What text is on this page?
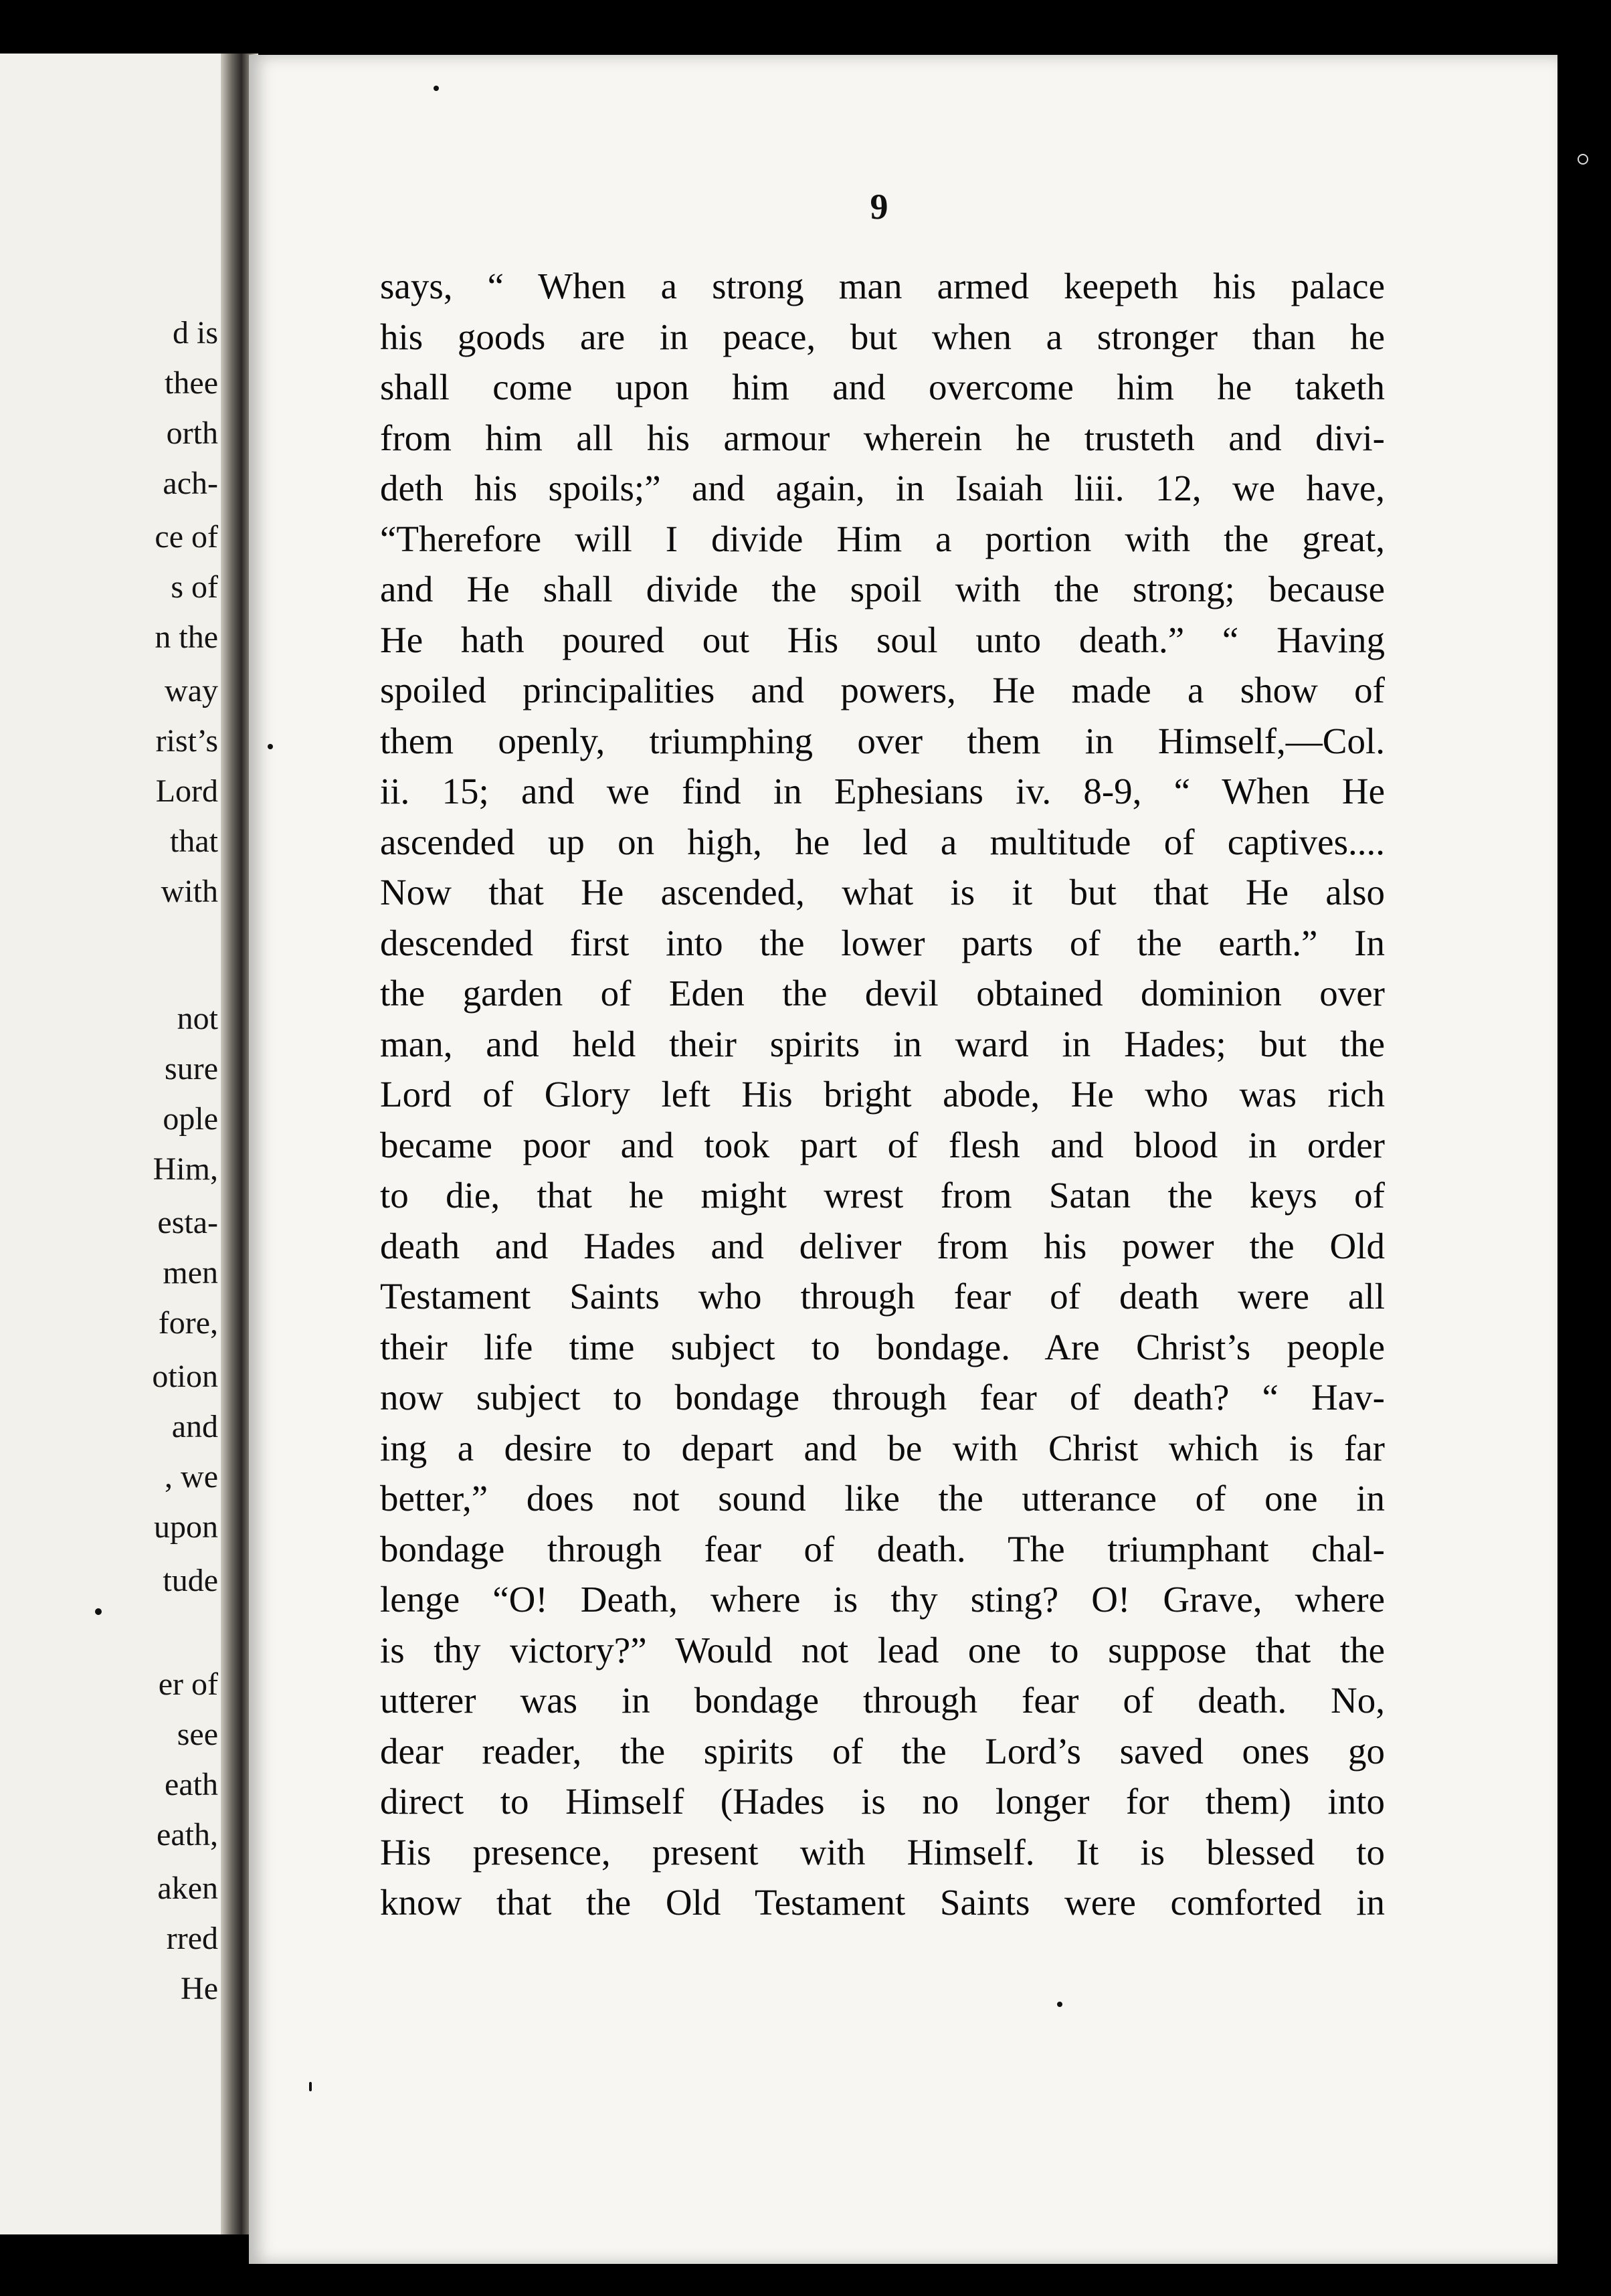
d is
thee
orth
ach-
ce of
s of
n the
way
rist’s
Lord
that
with
not
sure
ople
Him,
esta-
men
fore,
otion
and
, we
upon
tude
er of
see
eath
eath,
aken
rred
He
9
says, “ When a strong man armed keepeth his palace
his goods are in peace, but when a stronger than he
shall come upon him and overcome him he taketh
from him all his armour wherein he trusteth and divi-
deth his spoils;” and again, in Isaiah liii. 12, we have,
“Therefore will I divide Him a portion with the great,
and He shall divide the spoil with the strong; because
He hath poured out His soul unto death.” “ Having
spoiled principalities and powers, He made a show of
them openly, triumphing over them in Himself,—Col.
ii. 15; and we find in Ephesians iv. 8-9, “ When He
ascended up on high, he led a multitude of captives....
Now that He ascended, what is it but that He also
descended first into the lower parts of the earth.” In
the garden of Eden the devil obtained dominion over
man, and held their spirits in ward in Hades; but the
Lord of Glory left His bright abode, He who was rich
became poor and took part of flesh and blood in order
to die, that he might wrest from Satan the keys of
death and Hades and deliver from his power the Old
Testament Saints who through fear of death were all
their life time subject to bondage. Are Christ’s people
now subject to bondage through fear of death? “ Hav-
ing a desire to depart and be with Christ which is far
better,” does not sound like the utterance of one in
bondage through fear of death. The triumphant chal-
lenge “O! Death, where is thy sting? O! Grave, where
is thy victory?” Would not lead one to suppose that the
utterer was in bondage through fear of death. No,
dear reader, the spirits of the Lord’s saved ones go
direct to Himself (Hades is no longer for them) into
His presence, present with Himself. It is blessed to
know that the Old Testament Saints were comforted in
